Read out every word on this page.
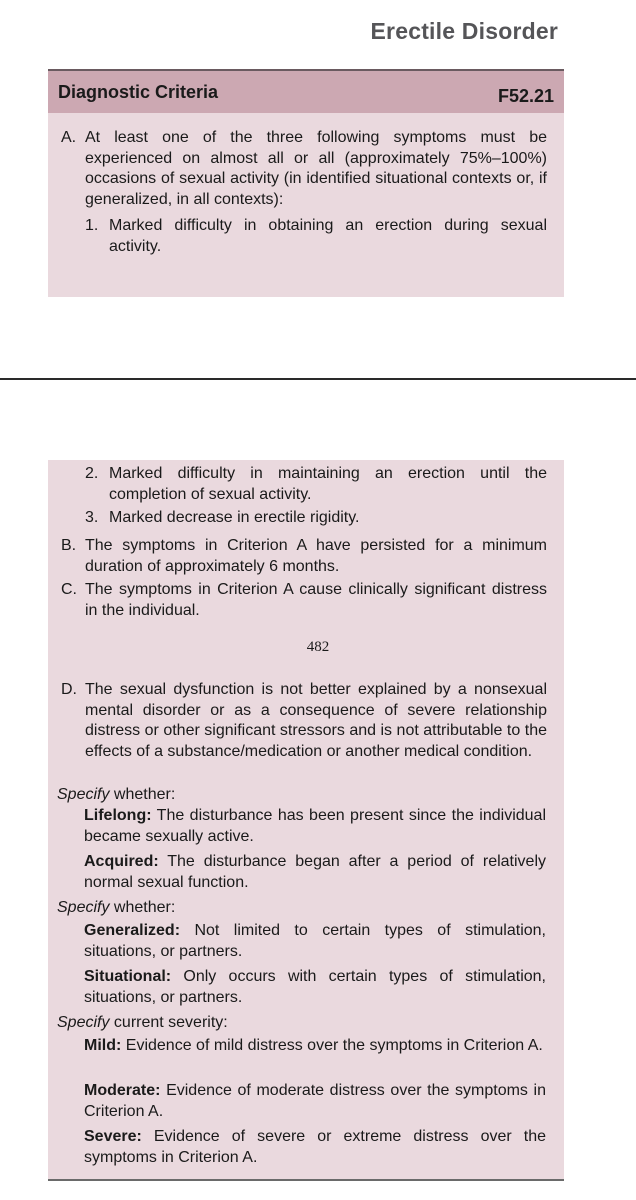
Erectile Disorder
Diagnostic Criteria	F52.21
A. At least one of the three following symptoms must be experienced on almost all or all (approximately 75%–100%) occasions of sexual activity (in identified situational contexts or, if generalized, in all contexts):
1. Marked difficulty in obtaining an erection during sexual activity.
2. Marked difficulty in maintaining an erection until the completion of sexual activity.
3. Marked decrease in erectile rigidity.
B. The symptoms in Criterion A have persisted for a minimum duration of approximately 6 months.
C. The symptoms in Criterion A cause clinically significant distress in the individual.
482
D. The sexual dysfunction is not better explained by a nonsexual mental disorder or as a consequence of severe relationship distress or other significant stressors and is not attributable to the effects of a substance/medication or another medical condition.
Specify whether:
Lifelong: The disturbance has been present since the individual became sexually active.
Acquired: The disturbance began after a period of relatively normal sexual function.
Specify whether:
Generalized: Not limited to certain types of stimulation, situations, or partners.
Situational: Only occurs with certain types of stimulation, situations, or partners.
Specify current severity:
Mild: Evidence of mild distress over the symptoms in Criterion A.
Moderate: Evidence of moderate distress over the symptoms in Criterion A.
Severe: Evidence of severe or extreme distress over the symptoms in Criterion A.
